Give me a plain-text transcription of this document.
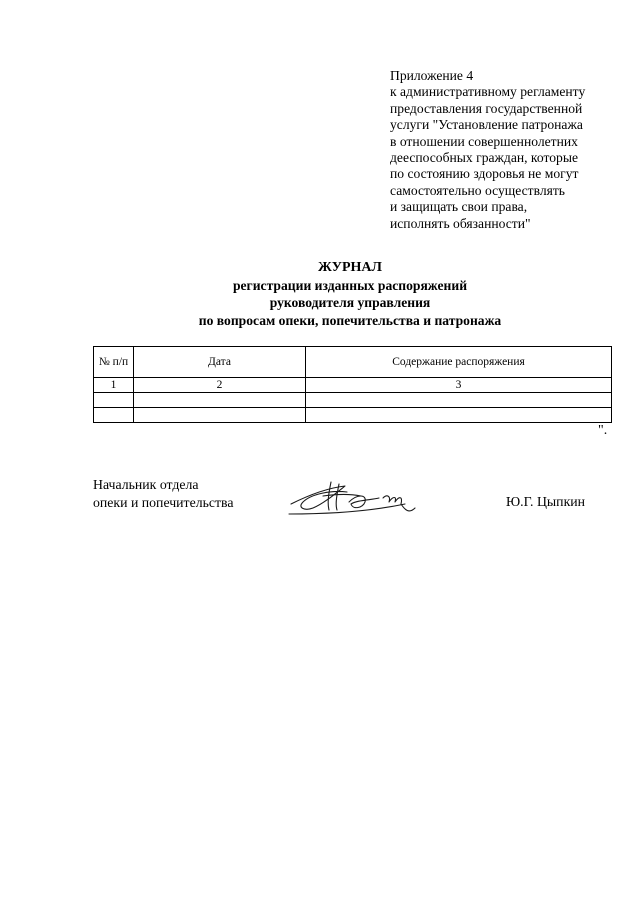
Приложение 4
к административному регламенту
предоставления государственной
услуги "Установление патронажа
в отношении совершеннолетних
дееспособных граждан, которые
по состоянию здоровья не могут
самостоятельно осуществлять
и защищать свои права,
исполнять обязанности"
ЖУРНАЛ
регистрации изданных распоряжений
руководителя управления
по вопросам опеки, попечительства и патронажа
№ п/п	Дата	Содержание распоряжения
1	2	3

".
Начальник отдела
опеки и попечительства	Ю.Г. Цыпкин
